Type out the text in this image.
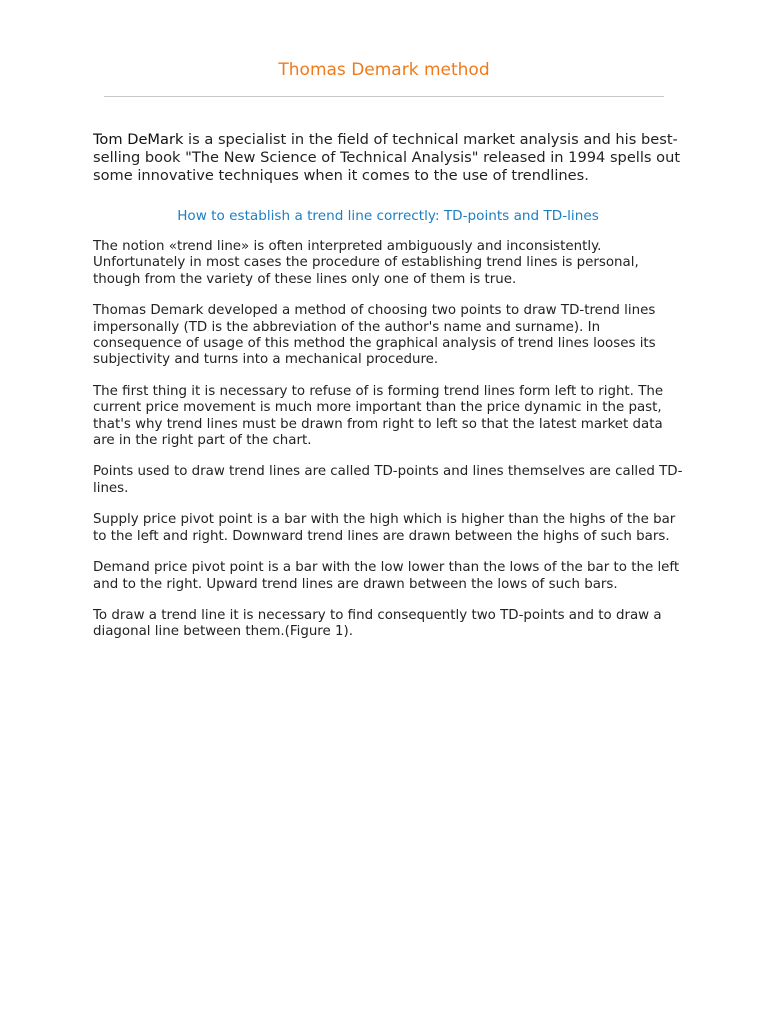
Thomas Demark method

Tom DeMark is a specialist in the field of technical market analysis and his best-selling book "The New Science of Technical Analysis" released in 1994 spells out some innovative techniques when it comes to the use of trendlines.

How to establish a trend line correctly: TD-points and TD-lines

The notion «trend line» is often interpreted ambiguously and inconsistently. Unfortunately in most cases the procedure of establishing trend lines is personal, though from the variety of these lines only one of them is true.

Thomas Demark developed a method of choosing two points to draw TD-trend lines impersonally (TD is the abbreviation of the author's name and surname). In consequence of usage of this method the graphical analysis of trend lines looses its subjectivity and turns into a mechanical procedure.

The first thing it is necessary to refuse of is forming trend lines form left to right. The current price movement is much more important than the price dynamic in the past, that's why trend lines must be drawn from right to left so that the latest market data are in the right part of the chart.

Points used to draw trend lines are called TD-points and lines themselves are called TD-lines.

Supply price pivot point is a bar with the high which is higher than the highs of the bar to the left and right. Downward trend lines are drawn between the highs of such bars.

Demand price pivot point is a bar with the low lower than the lows of the bar to the left and to the right. Upward trend lines are drawn between the lows of such bars.

To draw a trend line it is necessary to find consequently two TD-points and to draw a diagonal line between them.(Figure 1).
